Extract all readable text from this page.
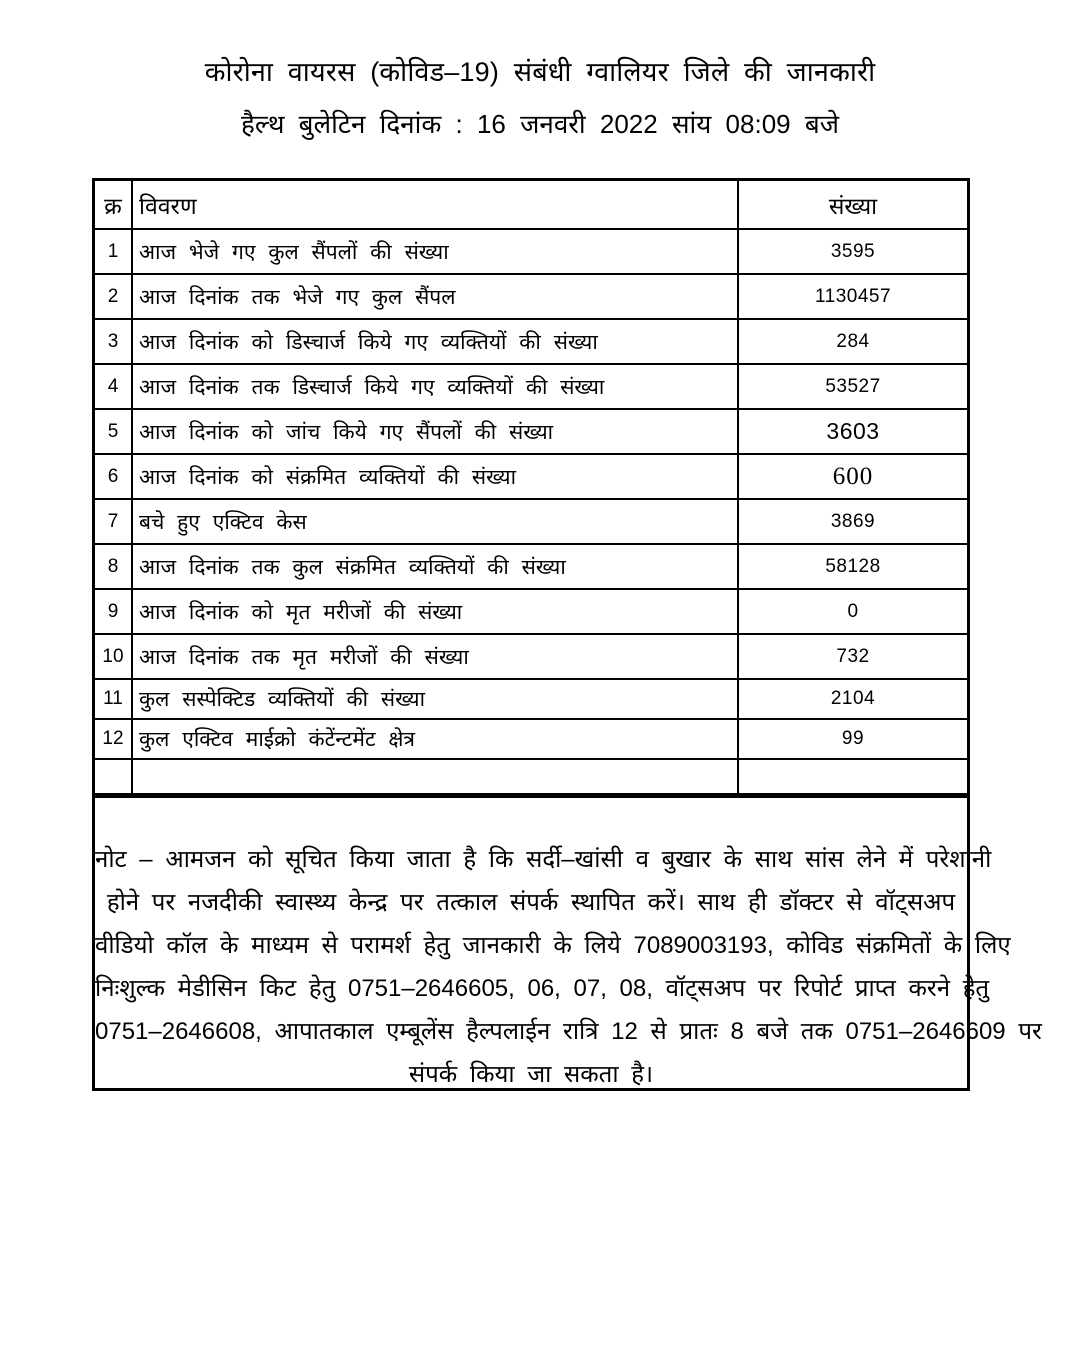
कोरोना वायरस (कोविड–19) संबंधी ग्वालियर जिले की जानकारी
हैल्थ बुलेटिन दिनांक : 16 जनवरी 2022 सांय 08:09 बजे
क्र	विवरण	संख्या
1	आज भेजे गए कुल सैंपलों की संख्या	3595
2	आज दिनांक तक भेजे गए कुल सैंपल	1130457
3	आज दिनांक को डिस्चार्ज किये गए व्यक्तियों की संख्या	284
4	आज दिनांक तक डिस्चार्ज किये गए व्यक्तियों की संख्या	53527
5	आज दिनांक को जांच किये गए सैंपलों की संख्या	3603
6	आज दिनांक को संक्रमित व्यक्तियों की संख्या	600
7	बचे हुए एक्टिव केस	3869
8	आज दिनांक तक कुल संक्रमित व्यक्तियों की संख्या	58128
9	आज दिनांक को मृत मरीजों की संख्या	0
10	आज दिनांक तक मृत मरीजों की संख्या	732
11	कुल सस्पेक्टिड व्यक्तियों की संख्या	2104
12	कुल एक्टिव माईक्रो कंटेंन्टमेंट क्षेत्र	99

नोट – आमजन को सूचित किया जाता है कि सर्दी–खांसी व बुखार के साथ सांस लेने में परेशानी
होने पर नजदीकी स्वास्थ्य केन्द्र पर तत्काल संपर्क स्थापित करें। साथ ही डॉक्टर से वॉट्सअप
वीडियो कॉल के माध्यम से परामर्श हेतु जानकारी के लिये 7089003193, कोविड संक्रमितों के लिए
निःशुल्क मेडीसिन किट हेतु 0751–2646605, 06, 07, 08, वॉट्सअप पर रिपोर्ट प्राप्त करने हेतु
0751–2646608, आपातकाल एम्बूलेंस हैल्पलाईन रात्रि 12 से प्रातः 8 बजे तक 0751–2646609 पर
संपर्क किया जा सकता है।
